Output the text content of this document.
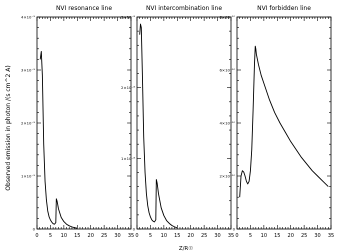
Observed emission in photon /(s cm^2 A)
Z/R☉
NVI resonance line
0 5 10 15 20 25 30 35
0
1×10⁻⁹
2×10⁻⁹
3×10⁻⁹
4×10⁻⁹
NVI intercombination line
0 5 10 15 20 25 30 35
0
1×10⁻⁸
2×10⁻⁸
3×10⁻⁸
NVI forbidden line
0 5 10 15 20 25 30 35
0
2×10⁻¹⁰
4×10⁻¹⁰
6×10⁻¹⁰
8×10⁻¹⁰
